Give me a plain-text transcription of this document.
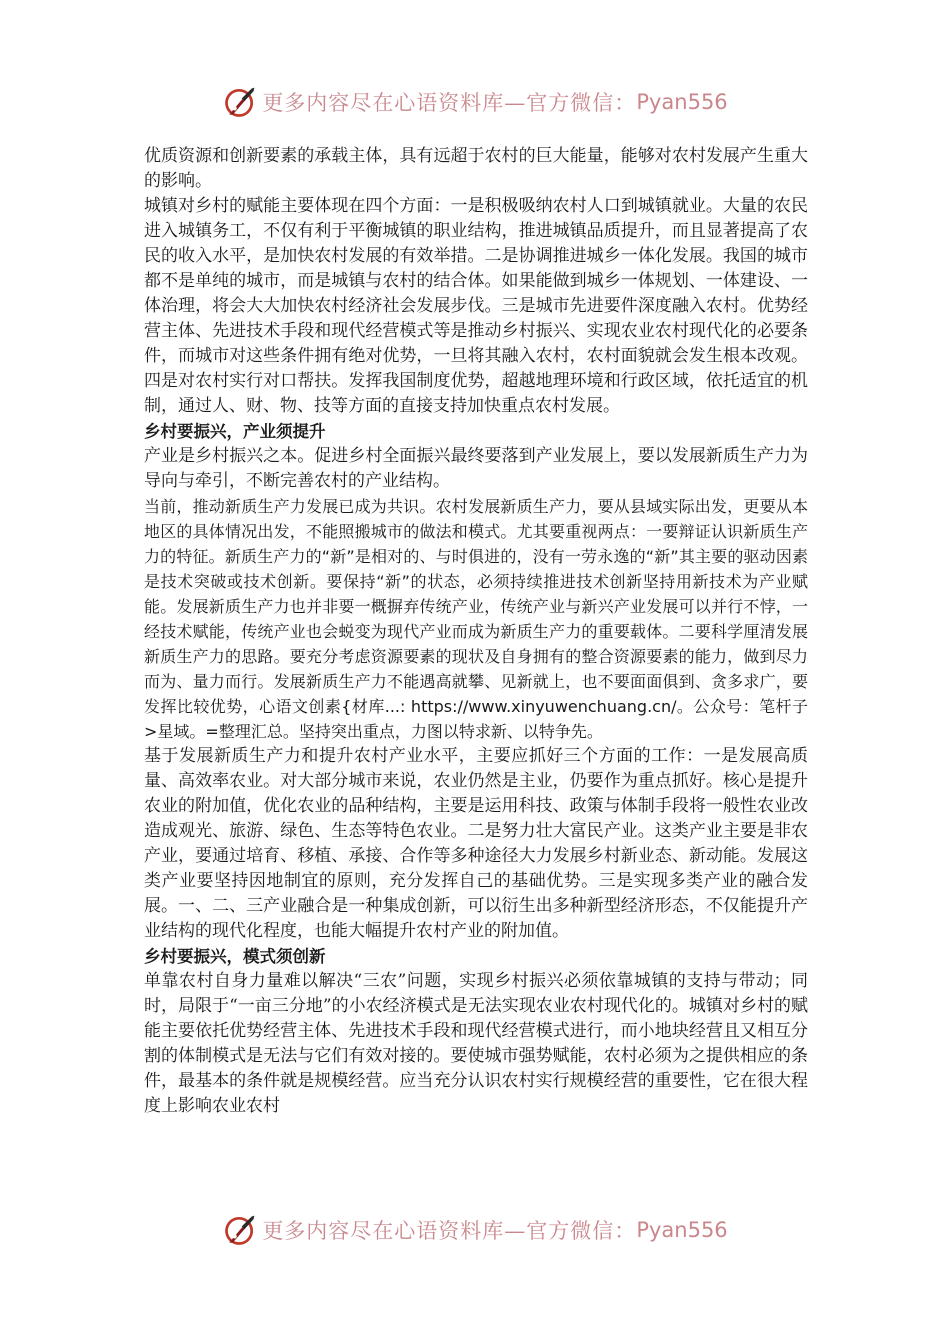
更多内容尽在心语资料库—官方微信： Pyan556

优质资源和创新要素的承载主体，具有远超于农村的巨大能量，能够对农村发展产生重大的影响。

城镇对乡村的赋能主要体现在四个方面：一是积极吸纳农村人口到城镇就业。大量的农民进入城镇务工，不仅有利于平衡城镇的职业结构，推进城镇品质提升，而且显著提高了农民的收入水平，是加快农村发展的有效举措。二是协调推进城乡一体化发展。我国的城市都不是单纯的城市，而是城镇与农村的结合体。如果能做到城乡一体规划、一体建设、一体治理，将会大大加快农村经济社会发展步伐。三是城市先进要件深度融入农村。优势经营主体、先进技术手段和现代经营模式等是推动乡村振兴、实现农业农村现代化的必要条件，而城市对这些条件拥有绝对优势，一旦将其融入农村，农村面貌就会发生根本改观。四是对农村实行对口帮扶。发挥我国制度优势，超越地理环境和行政区域，依托适宜的机制，通过人、财、物、技等方面的直接支持加快重点农村发展。

乡村要振兴，产业须提升

产业是乡村振兴之本。促进乡村全面振兴最终要落到产业发展上，要以发展新质生产力为导向与牵引，不断完善农村的产业结构。

当前，推动新质生产力发展已成为共识。农村发展新质生产力，要从县域实际出发，更要从本地区的具体情况出发，不能照搬城市的做法和模式。尤其要重视两点：一要辩证认识新质生产力的特征。新质生产力的“新”是相对的、与时俱进的，没有一劳永逸的“新”其主要的驱动因素是技术突破或技术创新。要保持“新”的状态，必须持续推进技术创新坚持用新技术为产业赋能。发展新质生产力也并非要一概摒弃传统产业，传统产业与新兴产业发展可以并行不悖，一经技术赋能，传统产业也会蜕变为现代产业而成为新质生产力的重要载体。二要科学厘清发展新质生产力的思路。要充分考虑资源要素的现状及自身拥有的整合资源要素的能力，做到尽力而为、量力而行。发展新质生产力不能遇高就攀、见新就上，也不要面面俱到、贪多求广，要发挥比较优势，心语文创素{材库...: https://www.xinyuwenchuang.cn/。公众号：笔杆子>星域。=整理汇总。坚持突出重点，力图以特求新、以特争先。

基于发展新质生产力和提升农村产业水平，主要应抓好三个方面的工作：一是发展高质量、高效率农业。对大部分城市来说，农业仍然是主业，仍要作为重点抓好。核心是提升农业的附加值，优化农业的品种结构，主要是运用科技、政策与体制手段将一般性农业改造成观光、旅游、绿色、生态等特色农业。二是努力壮大富民产业。这类产业主要是非农产业，要通过培育、移植、承接、合作等多种途径大力发展乡村新业态、新动能。发展这类产业要坚持因地制宜的原则，充分发挥自己的基础优势。三是实现多类产业的融合发展。一、二、三产业融合是一种集成创新，可以衍生出多种新型经济形态，不仅能提升产业结构的现代化程度，也能大幅提升农村产业的附加值。

乡村要振兴，模式须创新

单靠农村自身力量难以解决“三农”问题，实现乡村振兴必须依靠城镇的支持与带动；同时，局限于“一亩三分地”的小农经济模式是无法实现农业农村现代化的。城镇对乡村的赋能主要依托优势经营主体、先进技术手段和现代经营模式进行，而小地块经营且又相互分割的体制模式是无法与它们有效对接的。要使城市强势赋能，农村必须为之提供相应的条件，最基本的条件就是规模经营。应当充分认识农村实行规模经营的重要性，它在很大程度上影响农业农村

更多内容尽在心语资料库—官方微信： Pyan556
